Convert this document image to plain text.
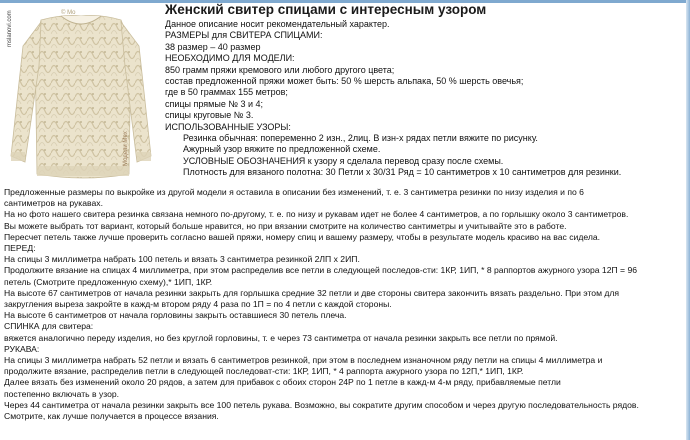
© Мо
Модели Мех
mslanovi.com
Женский свитер спицами с интересным узором
Данное описание носит рекомендательный характер.
РАЗМЕРЫ для СВИТЕРА СПИЦАМИ:
38 размер – 40 размер
НЕОБХОДИМО ДЛЯ МОДЕЛИ:
850 грамм пряжи кремового или любого другого цвета;
состав предложенной пряжи может быть: 50 % шерсть альпака, 50 % шерсть овечья;
где в 50 граммах 155 метров;
спицы прямые № 3 и 4;
спицы круговые № 3.
ИСПОЛЬЗОВАННЫЕ УЗОРЫ:
Резинка обычная: попеременно 2 изн., 2лиц. В изн-х рядах петли вяжите по рисунку.
Ажурный узор вяжите по предложенной схеме.
УСЛОВНЫЕ ОБОЗНАЧЕНИЯ к узору я сделала перевод сразу после схемы.
Плотность для вязаного полотна: 30 Петли х 30/31 Ряд = 10 сантиметров х 10 сантиметров для резинки.
Предложенные размеры по выкройке из другой модели я оставила в описании без изменений, т. е. 3 сантиметра резинки по низу изделия и по 6
сантиметров на рукавах.
На но фото нашего свитера резинка связана немного по-другому, т. е. по низу и рукавам идет не более 4 сантиметров, а по горлышку около 3 сантиметров.
Вы можете выбрать тот вариант, который больше нравится, но при вязании смотрите на количество сантиметры и учитывайте это в работе.
Пересчет петель также лучше проверить согласно вашей пряжи, номеру спиц и вашему размеру, чтобы в результате модель красиво на вас сидела.
ПЕРЕД:
На спицы 3 миллиметра набрать 100 петель и вязать 3 сантиметра резинкой 2ЛП х 2ИП.
Продолжите вязание на спицах 4 миллиметра, при этом распределив все петли в следующей последов-сти: 1КР, 1ИП, * 8 раппортов ажурного узора 12П = 96
петель (Смотрите предложенную схему),* 1ИП, 1КР.
На высоте 67 сантиметров от начала резинки закрыть для горлышка средние 32 петли и две стороны свитера закончить вязать раздельно. При этом для
закругления выреза закройте в кажд-м втором ряду 4 раза по 1П = по 4 петли с каждой стороны.
На высоте 6 сантиметров от начала горловины закрыть оставшиеся 30 петель плеча.
СПИНКА для свитера:
вяжется аналогично переду изделия, но без круглой горловины, т. е через 73 сантиметра от начала резинки закрыть все петли по прямой.
РУКАВА:
На спицы 3 миллиметра набрать 52 петли и вязать 6 сантиметров резинкой, при этом в последнем изнаночном ряду петли на спицы 4 миллиметра и
продолжите вязание, распределив петли в следующей последоват-сти: 1КР, 1ИП, * 4 раппорта ажурного узора по 12П,* 1ИП, 1КР.
Далее вязать без изменений около 20 рядов, а затем для прибавок с обоих сторон 24Р по 1 петле в кажд-м 4-м ряду, прибавляемые петли
постепенно включать в узор.
Через 44 сантиметра от начала резинки закрыть все 100 петель рукава. Возможно, вы сократите другим способом и через другую последовательность рядов.
Смотрите, как лучше получается в процессе вязания.
